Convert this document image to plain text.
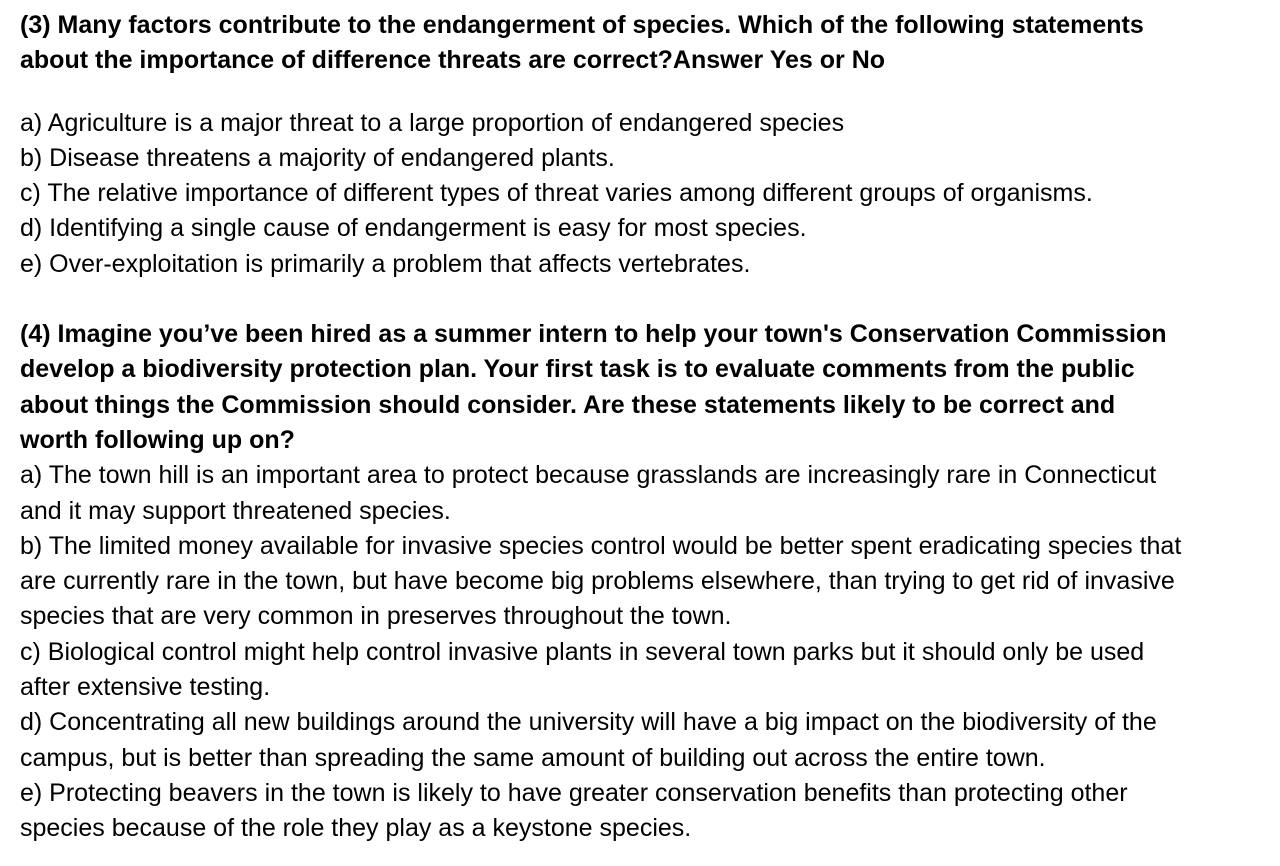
(3) Many factors contribute to the endangerment of species. Which of the following statements

about the importance of difference threats are correct?Answer Yes or No

a) Agriculture is a major threat to a large proportion of endangered species

b) Disease threatens a majority of endangered plants.

c) The relative importance of different types of threat varies among different groups of organisms.

d) Identifying a single cause of endangerment is easy for most species.

e) Over-exploitation is primarily a problem that affects vertebrates.

(4) Imagine you’ve been hired as a summer intern to help your town's Conservation Commission

develop a biodiversity protection plan. Your first task is to evaluate comments from the public

about things the Commission should consider. Are these statements likely to be correct and

worth following up on?

a) The town hill is an important area to protect because grasslands are increasingly rare in Connecticut

and it may support threatened species.

b) The limited money available for invasive species control would be better spent eradicating species that

are currently rare in the town, but have become big problems elsewhere, than trying to get rid of invasive

species that are very common in preserves throughout the town.

c) Biological control might help control invasive plants in several town parks but it should only be used

after extensive testing.

d) Concentrating all new buildings around the university will have a big impact on the biodiversity of the

campus, but is better than spreading the same amount of building out across the entire town.

e) Protecting beavers in the town is likely to have greater conservation benefits than protecting other

species because of the role they play as a keystone species.
